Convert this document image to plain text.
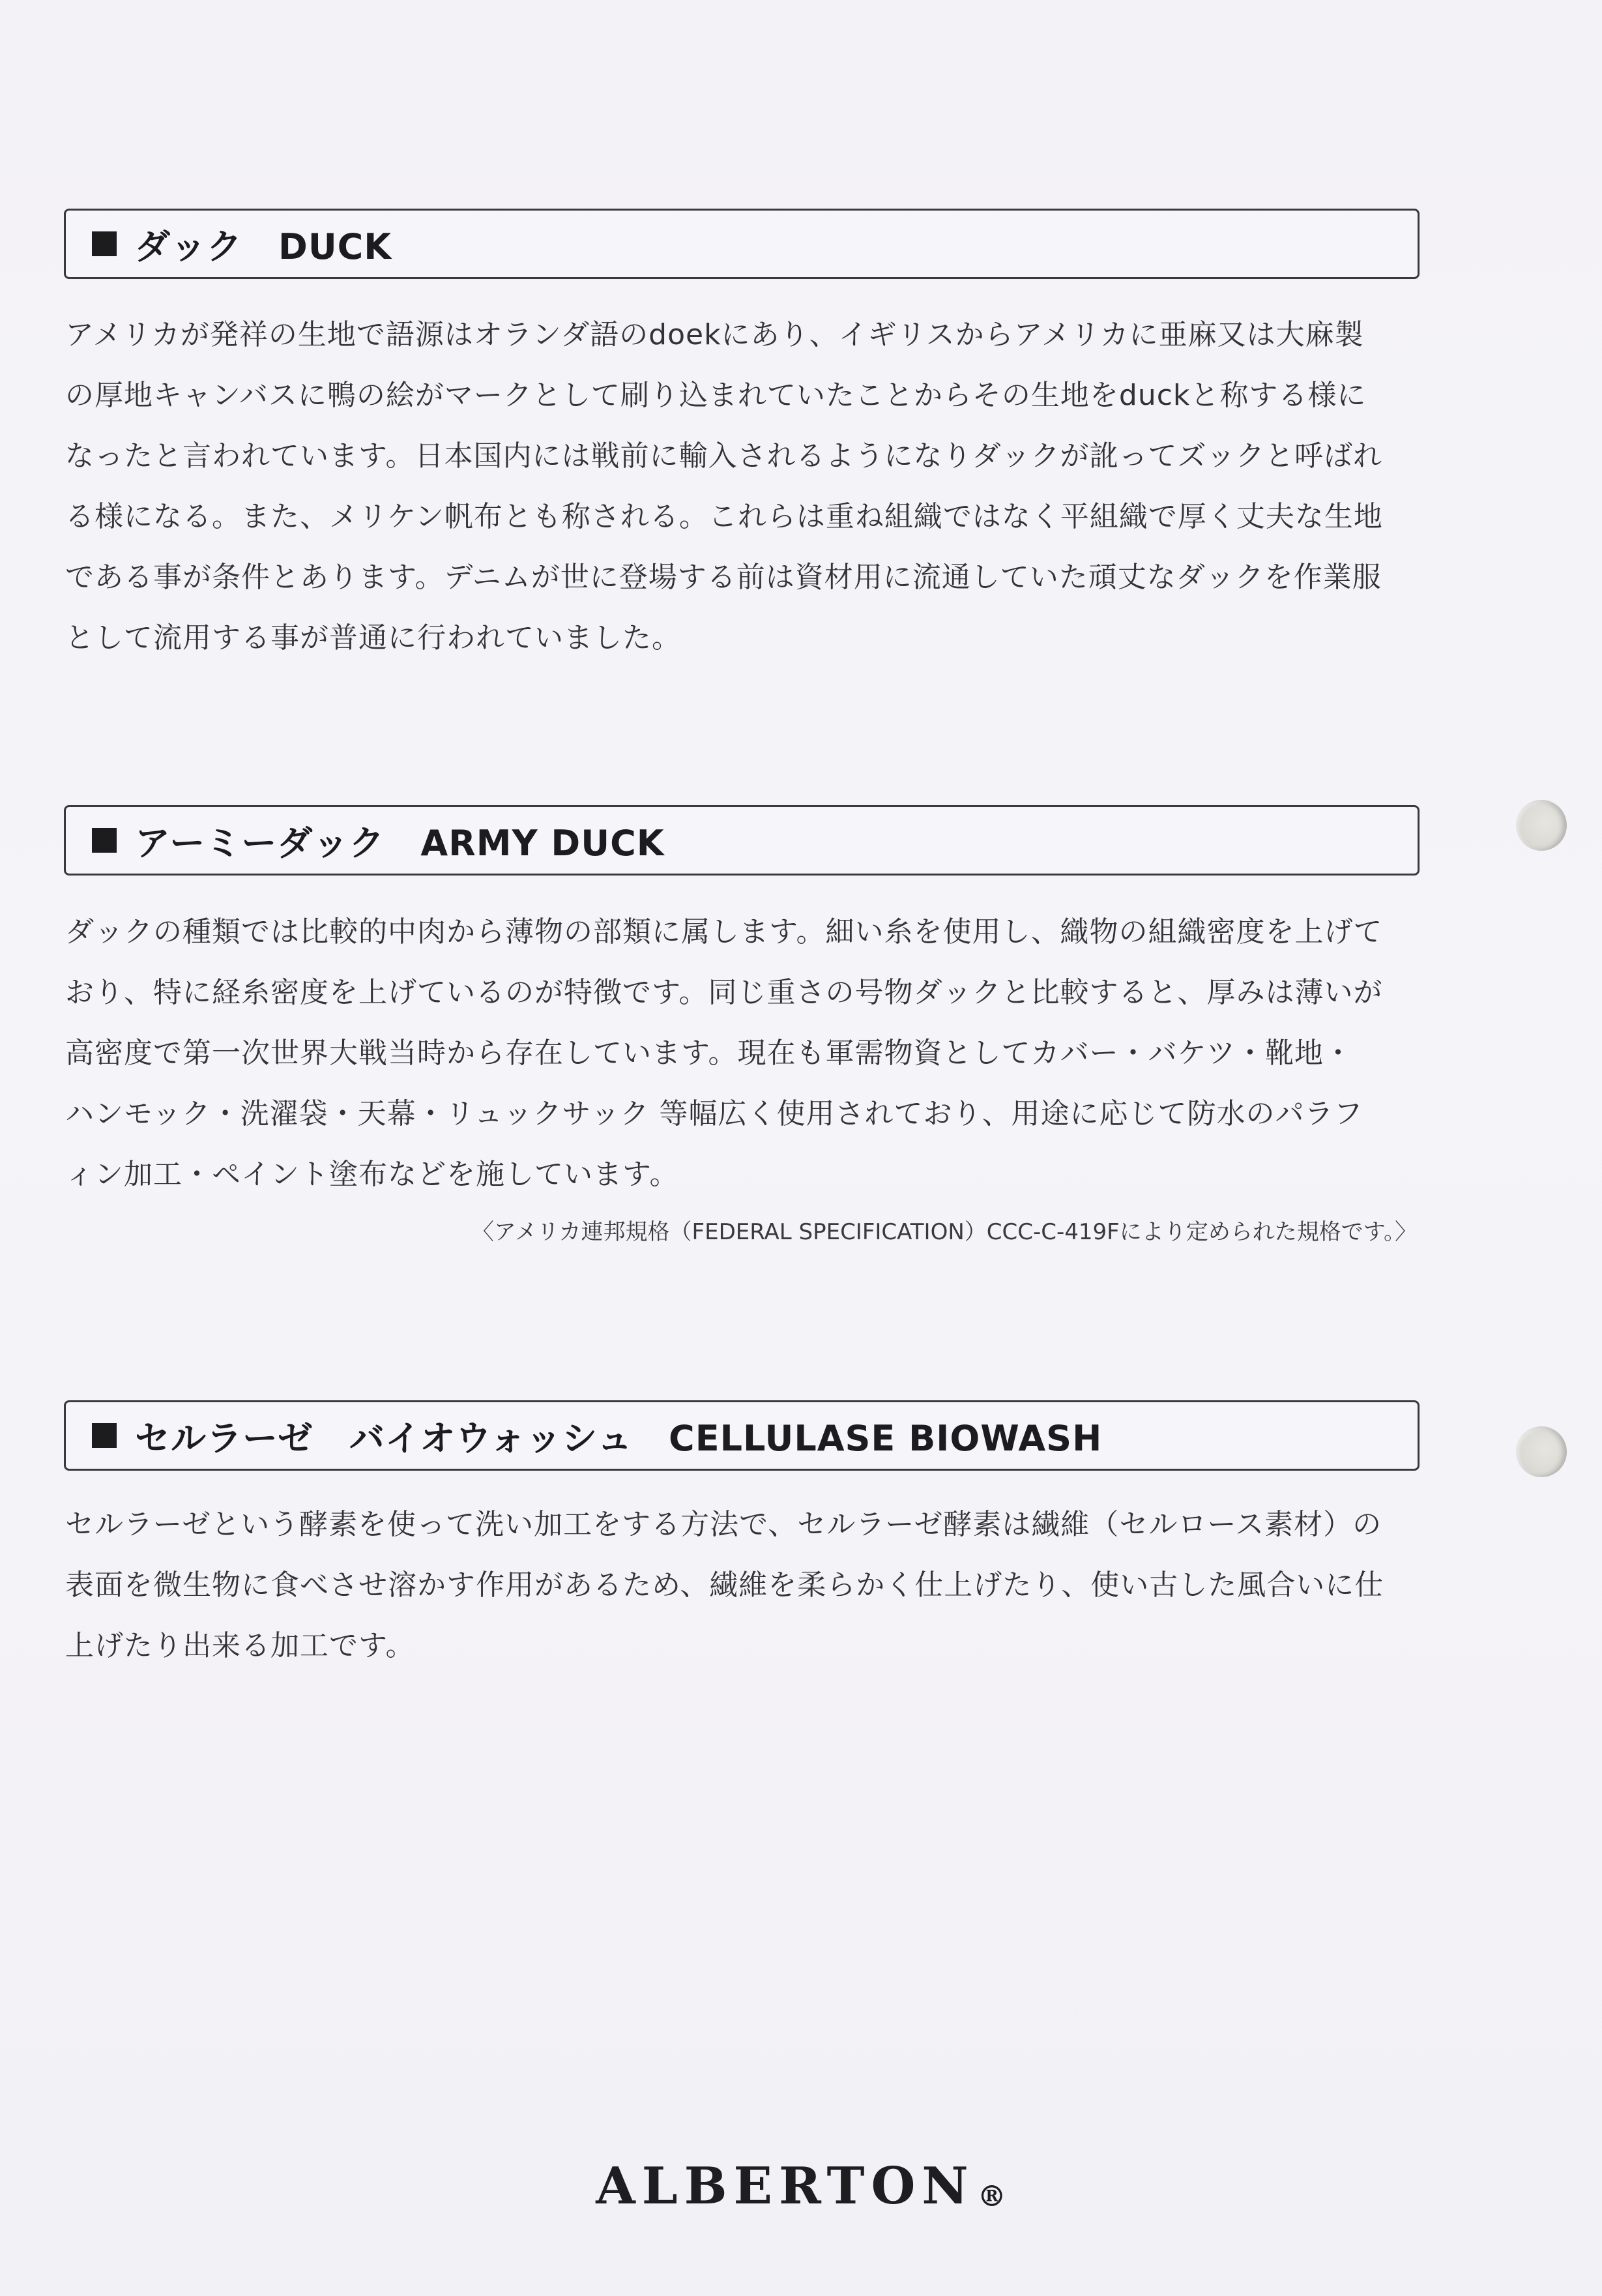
ダック　DUCK
アメリカが発祥の生地で語源はオランダ語のdoekにあり、イギリスからアメリカに亜麻又は大麻製
の厚地キャンバスに鴨の絵がマークとして刷り込まれていたことからその生地をduckと称する様に
なったと言われています。日本国内には戦前に輸入されるようになりダックが訛ってズックと呼ばれ
る様になる。また、メリケン帆布とも称される。これらは重ね組織ではなく平組織で厚く丈夫な生地
である事が条件とあります。デニムが世に登場する前は資材用に流通していた頑丈なダックを作業服
として流用する事が普通に行われていました。
アーミーダック　ARMY DUCK
ダックの種類では比較的中肉から薄物の部類に属します。細い糸を使用し、織物の組織密度を上げて
おり、特に経糸密度を上げているのが特徴です。同じ重さの号物ダックと比較すると、厚みは薄いが
高密度で第一次世界大戦当時から存在しています。現在も軍需物資としてカバー・バケツ・靴地・
ハンモック・洗濯袋・天幕・リュックサック 等幅広く使用されており、用途に応じて防水のパラフ
ィン加工・ペイント塗布などを施しています。
〈アメリカ連邦規格（FEDERAL SPECIFICATION）CCC-C-419Fにより定められた規格です。〉
セルラーゼ　バイオウォッシュ　CELLULASE BIOWASH
セルラーゼという酵素を使って洗い加工をする方法で、セルラーゼ酵素は繊維（セルロース素材）の
表面を微生物に食べさせ溶かす作用があるため、繊維を柔らかく仕上げたり、使い古した風合いに仕
上げたり出来る加工です。
ALBERTON®
